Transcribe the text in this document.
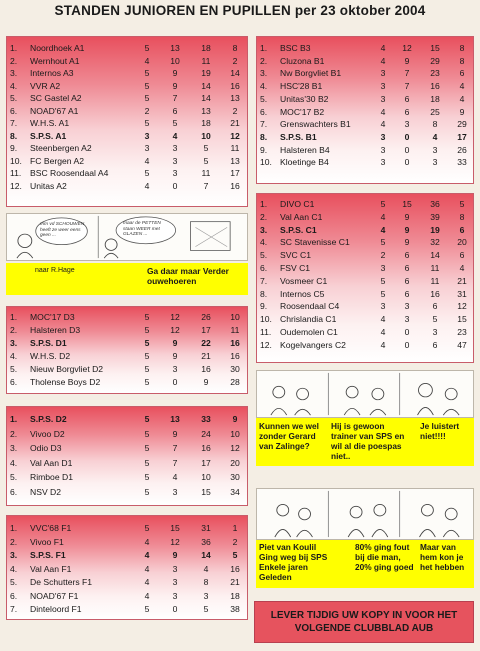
STANDEN JUNIOREN EN PUPILLEN per 23 oktober 2004
1.	Noordhoek A1	5	13	18	8
2.	Wernhout A1	4	10	11	2
3.	Internos A3	5	9	19	14
4.	VVR A2	5	9	14	16
5.	SC Gastel A2	5	7	14	13
6.	NOAD'67 A1	2	6	13	2
7.	W.H.S. A1	5	5	18	21
8.	S.P.S. A1	3	4	10	12
9.	Steenbergen A2	3	3	5	11
10.	FC Bergen A2	4	3	5	13
11.	BSC Roosendaal A4	5	3	11	17
12.	Unitas A2	4	0	7	16
1.	BSC B3	4	12	15	8
2.	Cluzona B1	4	9	29	8
3.	Nw Borgvliet B1	3	7	23	6
4.	HSC'28 B1	3	7	16	4
5.	Unitas'30 B2	3	6	18	4
6.	MOC'17 B2	4	6	25	9
7.	Grenswachters B1	4	3	8	29
8.	S.P.S. B1	3	0	4	17
9.	Halsteren B4	3	0	3	26
10.	Kloetinge B4	3	0	3	33
1.	DIVO C1	5	15	36	5
2.	Val Aan C1	4	9	39	8
3.	S.P.S. C1	4	9	19	6
4.	SC Stavenisse C1	5	9	32	20
5.	SVC C1	2	6	14	6
6.	FSV C1	3	6	11	4
7.	Vosmeer C1	5	6	11	21
8.	Internos C5	5	6	16	31
9.	Roosendaal C4	3	3	6	12
10.	Chrislandia C1	4	3	5	15
11.	Oudemolen C1	4	0	3	23
12.	Kogelvangers C2	4	0	6	47
1.	MOC'17 D3	5	12	26	10
2.	Halsteren D3	5	12	17	11
3.	S.P.S. D1	5	9	22	16
4.	W.H.S. D2	5	9	21	16
5.	Nieuw Borgvliet D2	5	3	16	30
6.	Tholense Boys D2	5	0	9	28
1.	S.P.S. D2	5	13	33	9
2.	Vivoo D2	5	9	24	10
3.	Odio D3	5	7	16	12
4.	Val Aan D1	5	7	17	20
5.	Rimboe D1	5	4	10	30
6.	NSV D2	5	3	15	34
1.	VVC'68 F1	5	15	31	1
2.	Vivoo F1	4	12	36	2
3.	S.P.S. F1	4	9	14	5
4.	Val Aan F1	4	3	4	16
5.	De Schutters F1	4	3	8	21
6.	NOAD'67 F1	4	3	3	18
7.	Dinteloord F1	5	0	5	38
mm vd SCHOUWEN heeft ze weer eens geen ...
maar de PETTEN staan WEER met GLAZEN ...
naar R.Hage	Ga daar maar Verder ouwehoeren
Kunnen we wel zonder Gerard van Zalinge?
Hij is gewoon trainer van SPS en wil al die poespas niet..
Je luistert niet!!!!
Piet van Koulil Ging weg bij SPS Enkele jaren Geleden
80% ging fout bij die man, 20% ging goed
Maar van hem kon je het hebben
LEVER TIJDIG UW KOPY IN VOOR HET VOLGENDE CLUBBLAD AUB
